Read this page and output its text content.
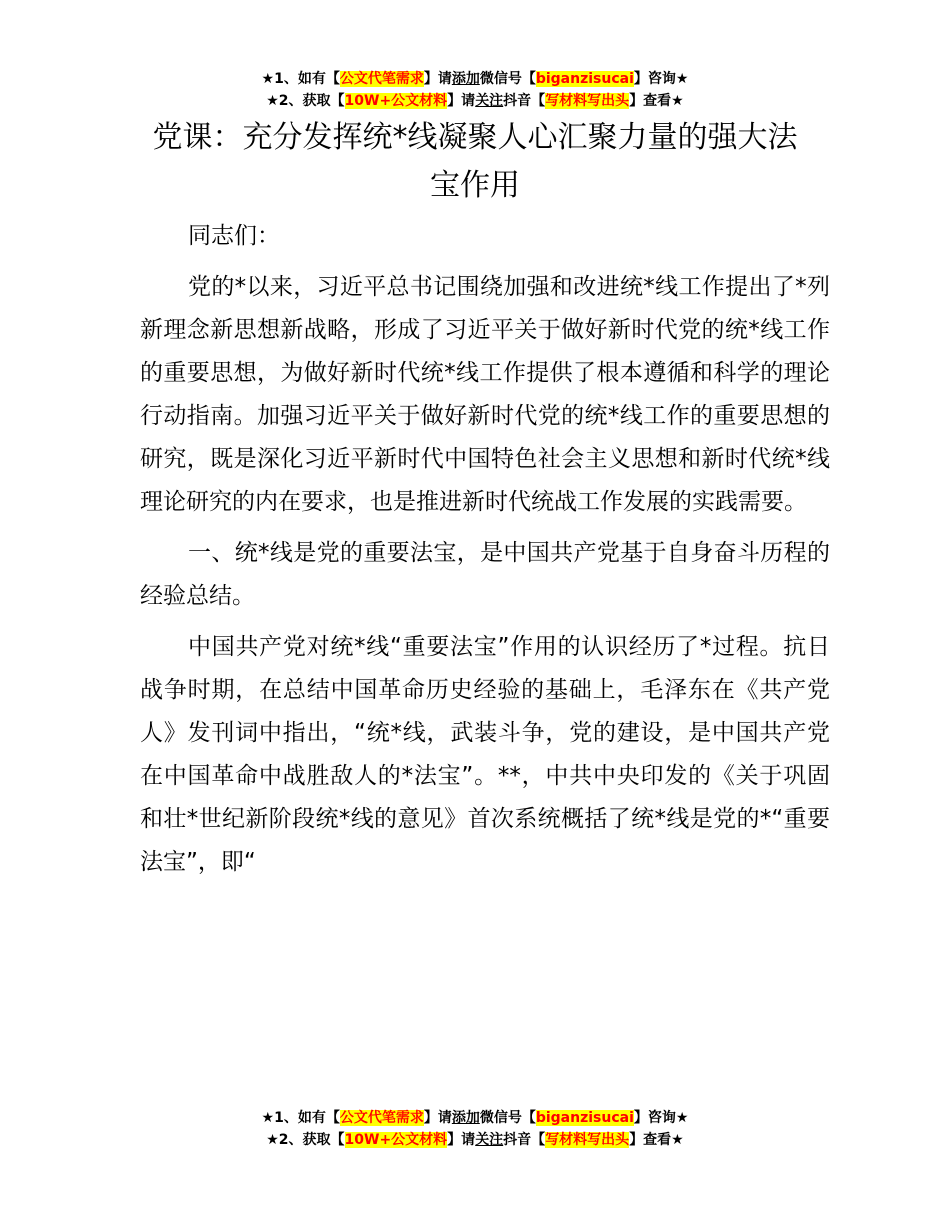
★1、如有【公文代笔需求】请添加微信号【biganzisucai】咨询★
★2、获取【10W+公文材料】请关注抖音【写材料写出头】查看★
党课：充分发挥统*线凝聚人心汇聚力量的强大法宝作用

同志们：

党的*以来，习近平总书记围绕加强和改进统*线工作提出了*列新理念新思想新战略，形成了习近平关于做好新时代党的统*线工作的重要思想，为做好新时代统*线工作提供了根本遵循和科学的理论行动指南。加强习近平关于做好新时代党的统*线工作的重要思想的研究，既是深化习近平新时代中国特色社会主义思想和新时代统*线理论研究的内在要求，也是推进新时代统战工作发展的实践需要。

一、统*线是党的重要法宝，是中国共产党基于自身奋斗历程的经验总结。

中国共产党对统*线“重要法宝”作用的认识经历了*过程。抗日战争时期，在总结中国革命历史经验的基础上，毛泽东在《共产党人》发刊词中指出，“统*线，武装斗争，党的建设，是中国共产党在中国革命中战胜敌人的*法宝”。**，中共中央印发的《关于巩固和壮*世纪新阶段统*线的意见》首次系统概括了统*线是党的*“重要法宝”，即“

★1、如有【公文代笔需求】请添加微信号【biganzisucai】咨询★
★2、获取【10W+公文材料】请关注抖音【写材料写出头】查看★
